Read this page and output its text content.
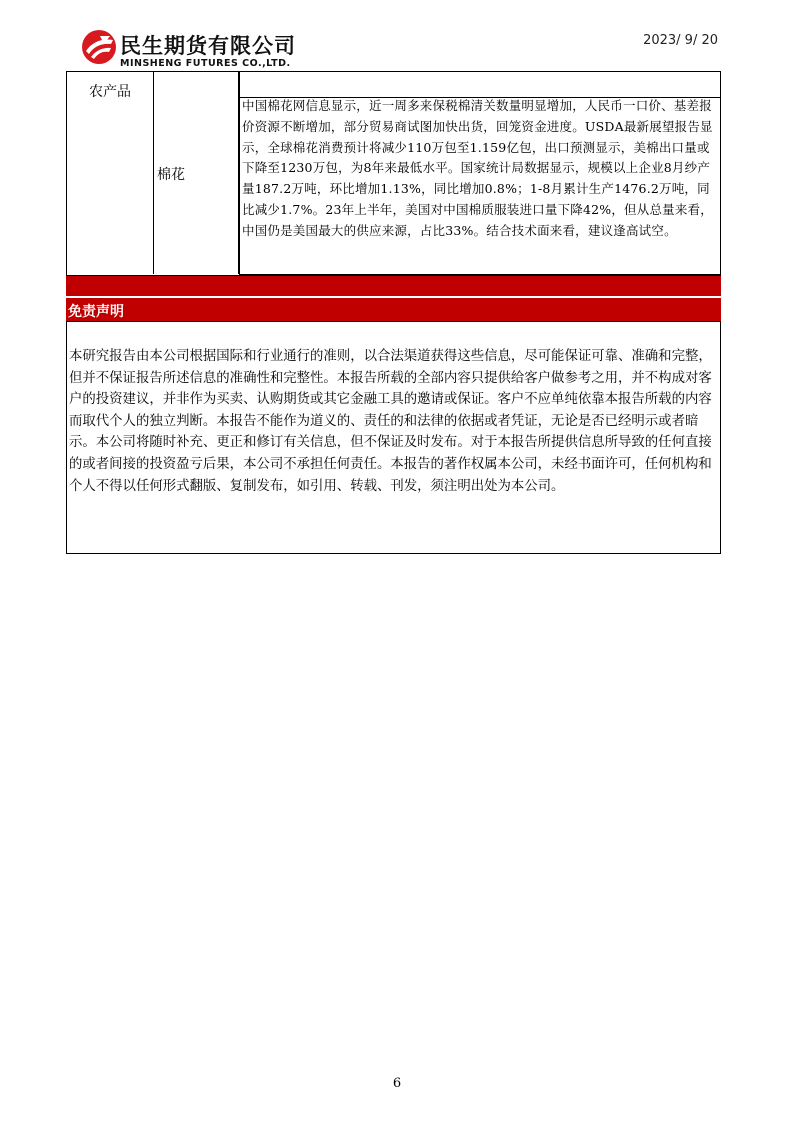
民生期货有限公司
MINSHENG FUTURES CO.,LTD.
2023/ 9/ 20
农产品
棉花
中国棉花网信息显示，近一周多来保税棉清关数量明显增加，人民币一口价、基差报价资源不断增加，部分贸易商试图加快出货，回笼资金进度。USDA最新展望报告显示，全球棉花消费预计将减少110万包至1.159亿包，出口预测显示，美棉出口量或下降至1230万包，为8年来最低水平。国家统计局数据显示，规模以上企业8月纱产量187.2万吨，环比增加1.13%，同比增加0.8%；1-8月累计生产1476.2万吨，同比减少1.7%。23年上半年，美国对中国棉质服装进口量下降42%，但从总量来看，中国仍是美国最大的供应来源，占比33%。结合技术面来看，建议逢高试空。
免责声明
本研究报告由本公司根据国际和行业通行的准则，以合法渠道获得这些信息，尽可能保证可靠、准确和完整，但并不保证报告所述信息的准确性和完整性。本报告所载的全部内容只提供给客户做参考之用，并不构成对客户的投资建议，并非作为买卖、认购期货或其它金融工具的邀请或保证。客户不应单纯依靠本报告所载的内容而取代个人的独立判断。本报告不能作为道义的、责任的和法律的依据或者凭证，无论是否已经明示或者暗示。本公司将随时补充、更正和修订有关信息，但不保证及时发布。对于本报告所提供信息所导致的任何直接的或者间接的投资盈亏后果，本公司不承担任何责任。本报告的著作权属本公司，未经书面许可，任何机构和个人不得以任何形式翻版、复制发布，如引用、转载、刊发，须注明出处为本公司。
6
